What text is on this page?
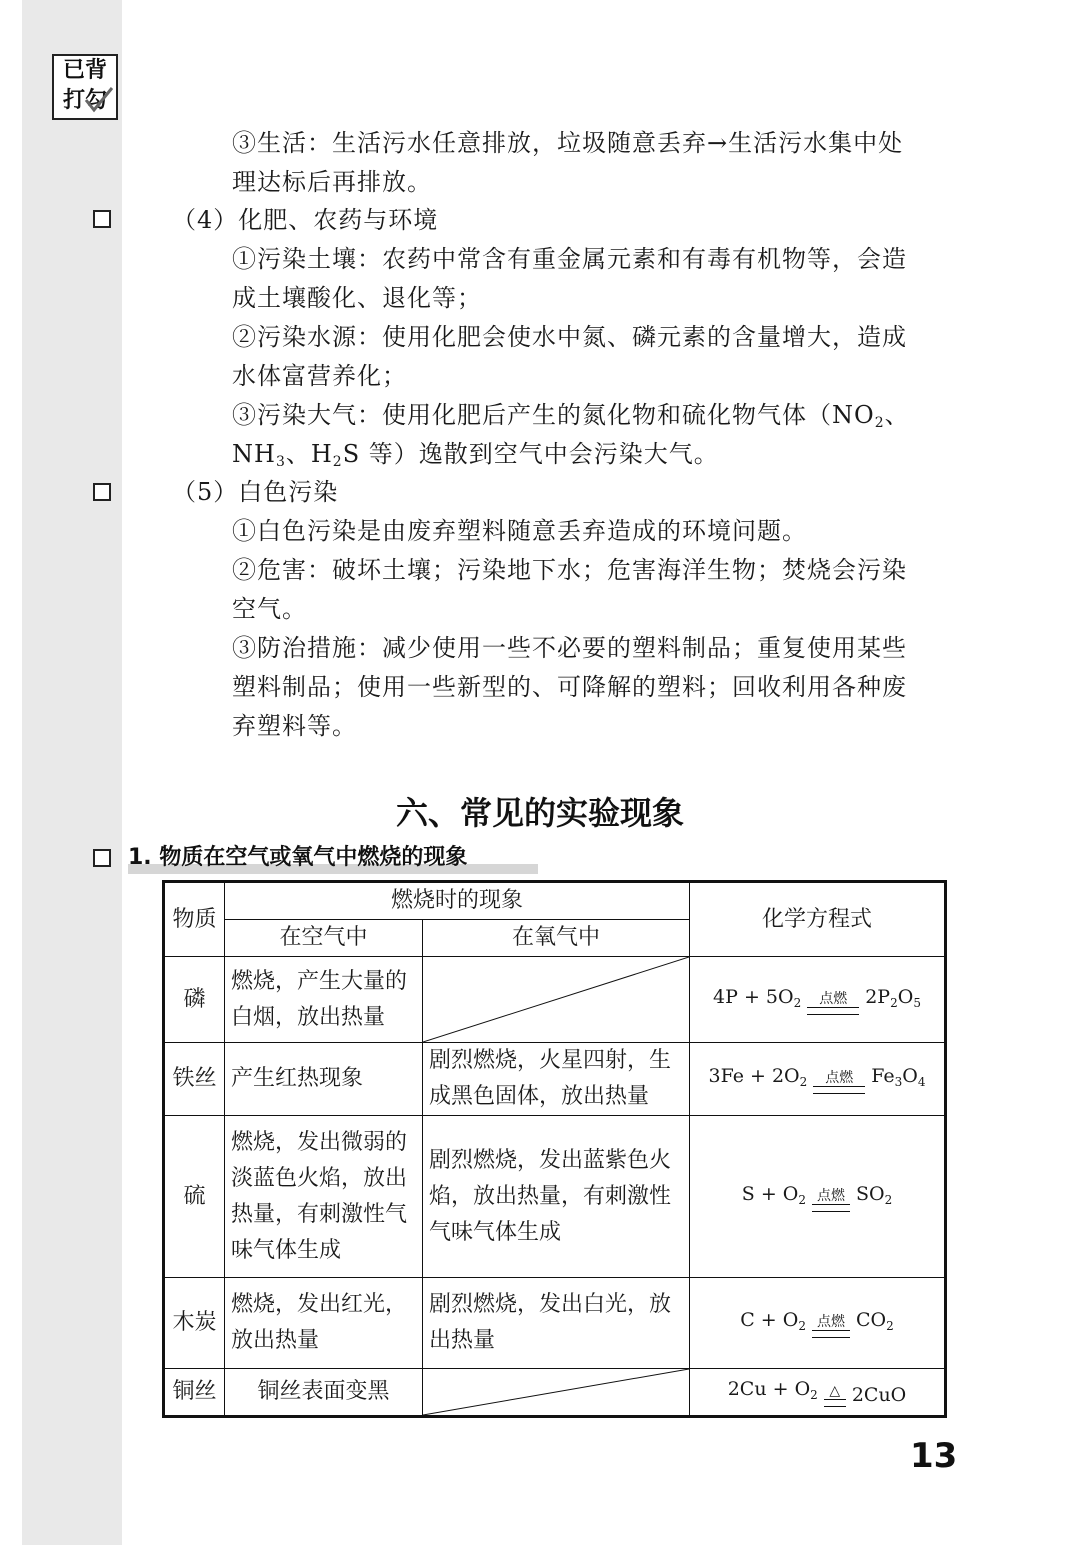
已背
打勾
③生活：生活污水任意排放，垃圾随意丢弃→生活污水集中处
理达标后再排放。
（4）化肥、农药与环境
①污染土壤：农药中常含有重金属元素和有毒有机物等，会造
成土壤酸化、退化等；
②污染水源：使用化肥会使水中氮、磷元素的含量增大，造成
水体富营养化；
③污染大气：使用化肥后产生的氮化物和硫化物气体（$NO_2$、
$NH_3$、$H_2S$ 等）逸散到空气中会污染大气。
（5）白色污染
①白色污染是由废弃塑料随意丢弃造成的环境问题。
②危害：破坏土壤；污染地下水；危害海洋生物；焚烧会污染
空气。
③防治措施：减少使用一些不必要的塑料制品；重复使用某些
塑料制品；使用一些新型的、可降解的塑料；回收利用各种废
弃塑料等。
六、常见的实验现象
1. 物质在空气或氧气中燃烧的现象
物质	燃烧时的现象		化学方程式
	在空气中	在氧气中	
磷	燃烧，产生大量的白烟，放出热量		$4P + 5O_2$ 点燃 $2P_2O_5$

铁丝	产生红热现象	剧烈燃烧，火星四射，生成黑色固体，放出热量	$3Fe + 2O_2$ 点燃 $Fe_3O_4$

硫	燃烧，发出微弱的淡蓝色火焰，放出热量，有刺激性气味气体生成	剧烈燃烧，发出蓝紫色火焰，放出热量，有刺激性气味气体生成	$S + O_2$ 点燃 $SO_2$

木炭	燃烧，发出红光，放出热量	剧烈燃烧，发出白光，放出热量	$C + O_2$ 点燃 $CO_2$

铜丝	铜丝表面变黑		$2Cu + O_2$ △ 2CuO
13
